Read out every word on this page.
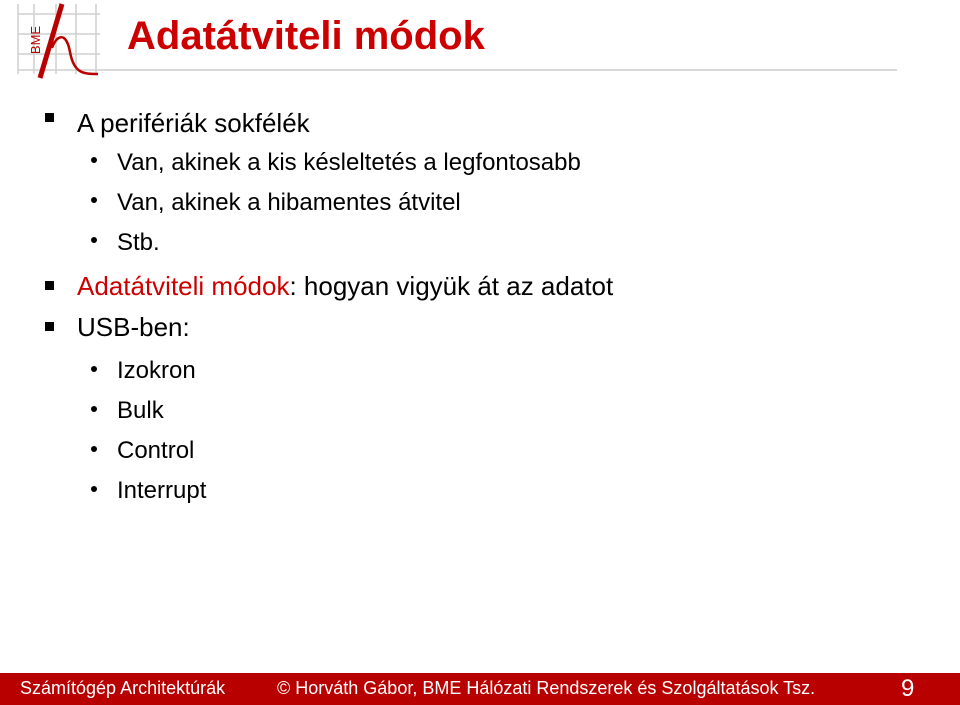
BME Adatátviteli módok
A perifériák sokfélék
Van, akinek a kis késleltetés a legfontosabb
Van, akinek a hibamentes átvitel
Stb.
Adatátviteli módok: hogyan vigyük át az adatot
USB-ben:
Izokron
Bulk
Control
Interrupt
Számítógép Architektúrák	© Horváth Gábor, BME Hálózati Rendszerek és Szolgáltatások Tsz.	9
